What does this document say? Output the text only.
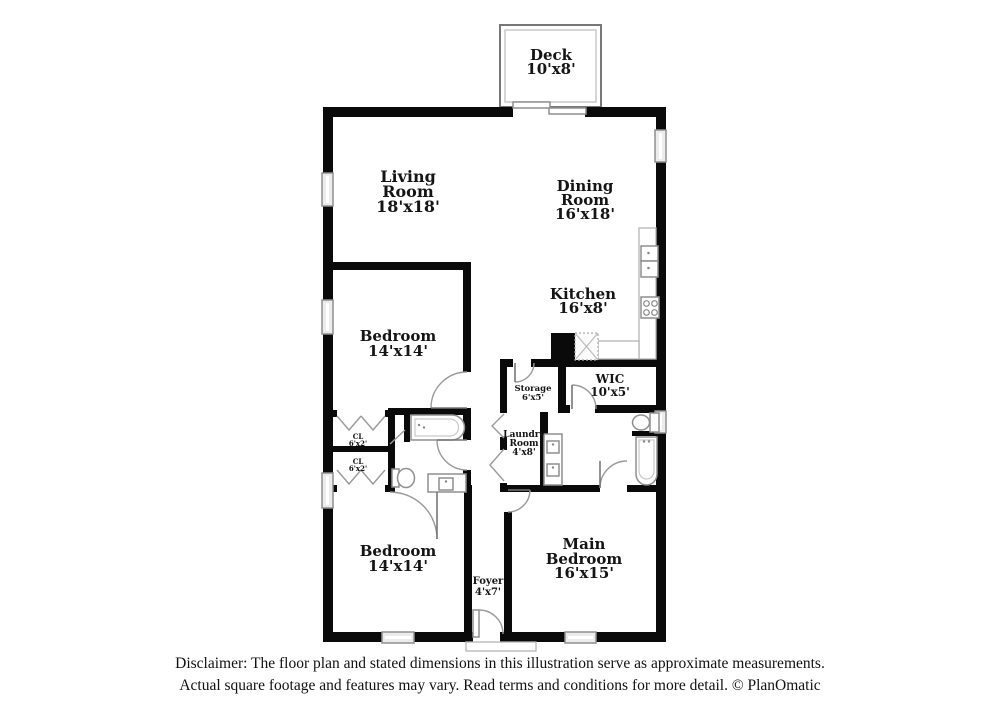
Deck
10'x8'
Living
Room
18'x18'
Dining
Room
16'x18'
Kitchen
16'x8'
Bedroom
14'x14'
Storage
6'x5'
WIC
10'x5'
CL
6'x2'
CL
6'x2'
Laundry
Room
4'x8'
Bedroom
14'x14'
Foyer
4'x7'
Main
Bedroom
16'x15'
Disclaimer: The floor plan and stated dimensions in this illustration serve as approximate measurements.
Actual square footage and features may vary. Read terms and conditions for more detail. © PlanOmatic
